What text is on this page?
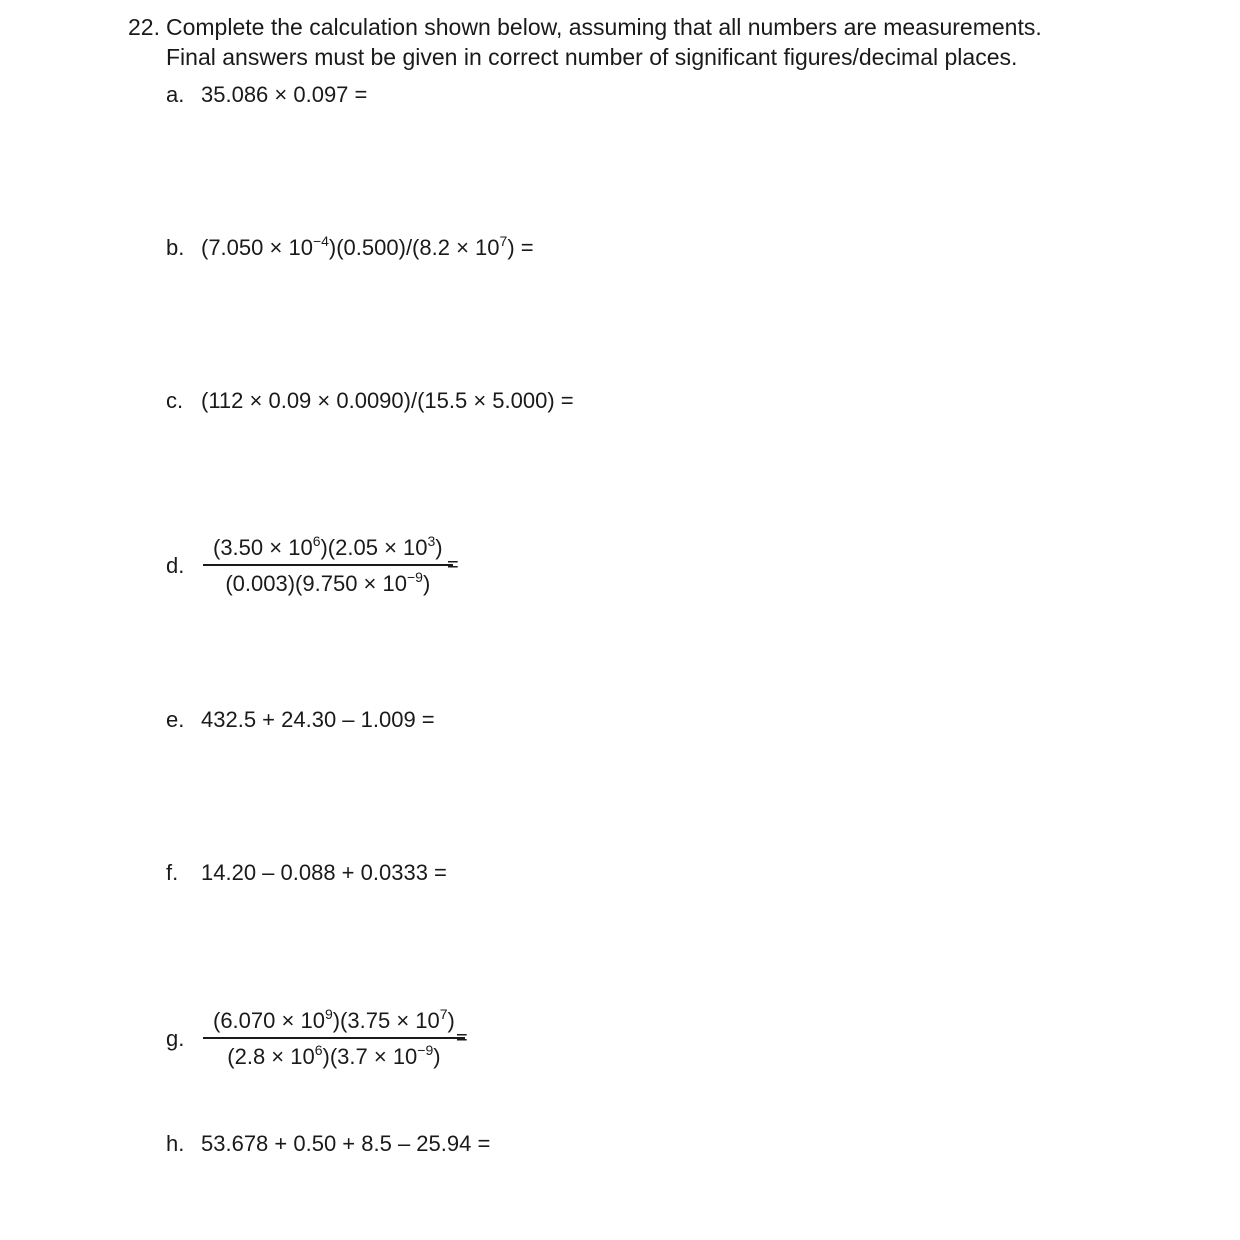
22. Complete the calculation shown below, assuming that all numbers are measurements.
Final answers must be given in correct number of significant figures/decimal places.
a. 35.086 × 0.097 =
b. $(7.050 \times 10^{-4})(0.500)/(8.2 \times 10^7)$ =
c. (112 × 0.09 × 0.0090)/(15.5 × 5.000) =
d.
$(3.50 \times 10^6)(2.05 \times 10^3)$
$(0.003)(9.750 \times 10^{-9})$
=
e. 432.5 + 24.30 – 1.009 =
f. 14.20 – 0.088 + 0.0333 =
g.
$(6.070 \times 10^9)(3.75 \times 10^7)$
$(2.8 \times 10^6)(3.7 \times 10^{-9})$
=
h. 53.678 + 0.50 + 8.5 – 25.94 =
